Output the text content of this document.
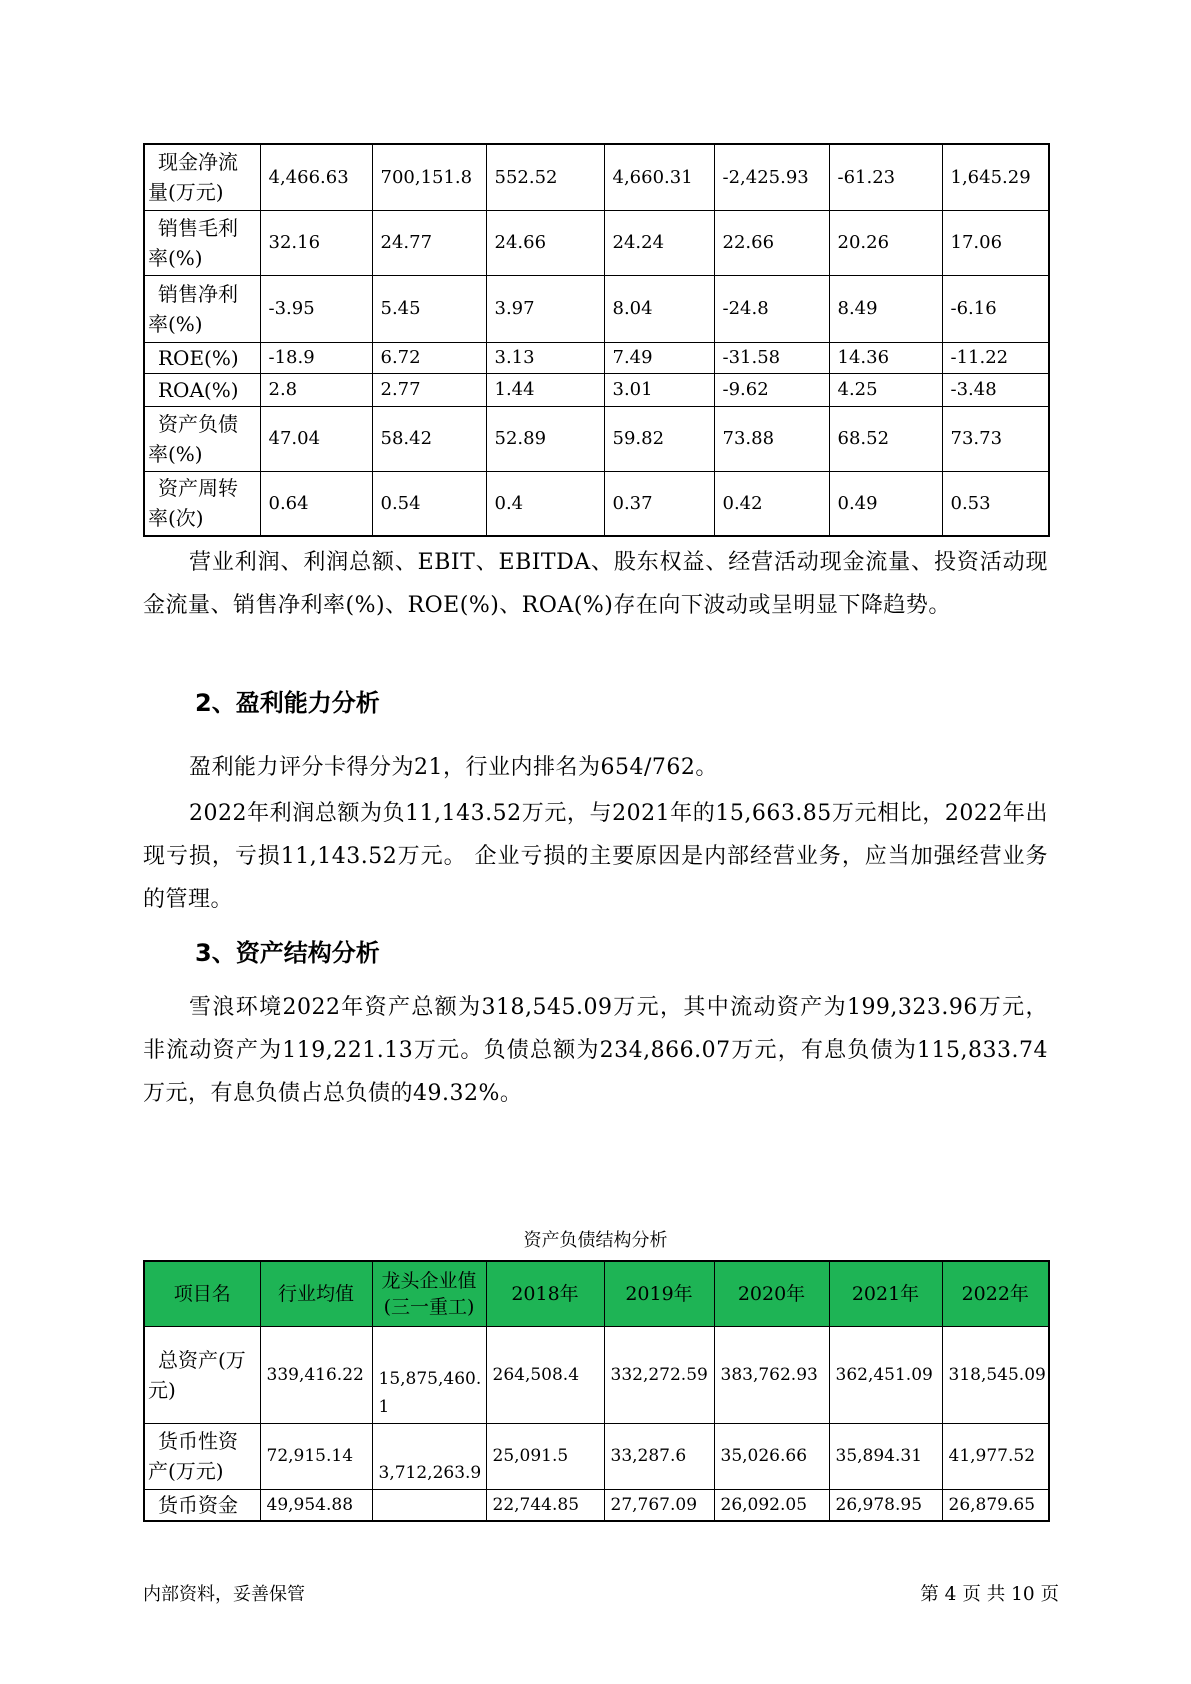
现金净流量(万元)	4,466.63	700,151.8	552.52	4,660.31	-2,425.93	-61.23	1,645.29
销售毛利率(%)	32.16	24.77	24.66	24.24	22.66	20.26	17.06
销售净利率(%)	-3.95	5.45	3.97	8.04	-24.8	8.49	-6.16
ROE(%)	-18.9	6.72	3.13	7.49	-31.58	14.36	-11.22
ROA(%)	2.8	2.77	1.44	3.01	-9.62	4.25	-3.48
资产负债率(%)	47.04	58.42	52.89	59.82	73.88	68.52	73.73
资产周转率(次)	0.64	0.54	0.4	0.37	0.42	0.49	0.53
营业利润、利润总额、EBIT、EBITDA、股东权益、经营活动现金流量、投资活动现金流量、销售净利率(%)、ROE(%)、ROA(%)存在向下波动或呈明显下降趋势。
2、盈利能力分析
盈利能力评分卡得分为21，行业内排名为654/762。
2022年利润总额为负11,143.52万元，与2021年的15,663.85万元相比，2022年出现亏损，亏损11,143.52万元。 企业亏损的主要原因是内部经营业务，应当加强经营业务的管理。
3、资产结构分析
雪浪环境2022年资产总额为318,545.09万元，其中流动资产为199,323.96万元，非流动资产为119,221.13万元。负债总额为234,866.07万元，有息负债为115,833.74万元，有息负债占总负债的49.32%。
资产负债结构分析
项目名	行业均值	龙头企业值(三一重工)	2018年	2019年	2020年	2021年	2022年
总资产(万元)	339,416.22	15,875,460.1	264,508.4	332,272.59	383,762.93	362,451.09	318,545.09
货币性资产(万元)	72,915.14	3,712,263.9	25,091.5	33,287.6	35,026.66	35,894.31	41,977.52
货币资金	49,954.88		22,744.85	27,767.09	26,092.05	26,978.95	26,879.65
内部资料，妥善保管	第 4 页 共 10 页
